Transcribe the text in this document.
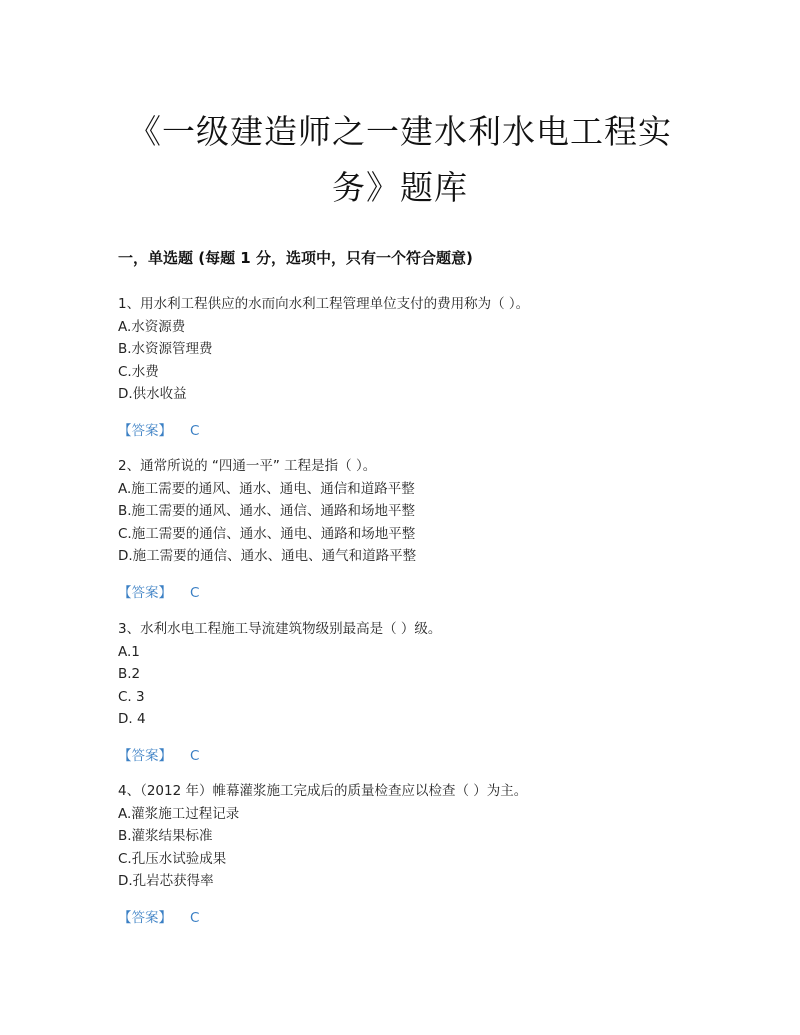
《一级建造师之一建水利水电工程实
务》题库
一，单选题 (每题 1 分，选项中，只有一个符合题意)
1、用水利工程供应的水而向水利工程管理单位支付的费用称为（ ）。
A.水资源费
B.水资源管理费
C.水费
D.供水收益
【答案】 C
2、通常所说的 “四通一平” 工程是指（ ）。
A.施工需要的通风、通水、通电、通信和道路平整
B.施工需要的通风、通水、通信、通路和场地平整
C.施工需要的通信、通水、通电、通路和场地平整
D.施工需要的通信、通水、通电、通气和道路平整
【答案】 C
3、水利水电工程施工导流建筑物级别最高是（ ）级。
A.1
B.2
C. 3
D. 4
【答案】 C
4、（2012 年）帷幕灌浆施工完成后的质量检查应以检查（ ）为主。
A.灌浆施工过程记录
B.灌浆结果标准
C.孔压水试验成果
D.孔岩芯获得率
【答案】 C
